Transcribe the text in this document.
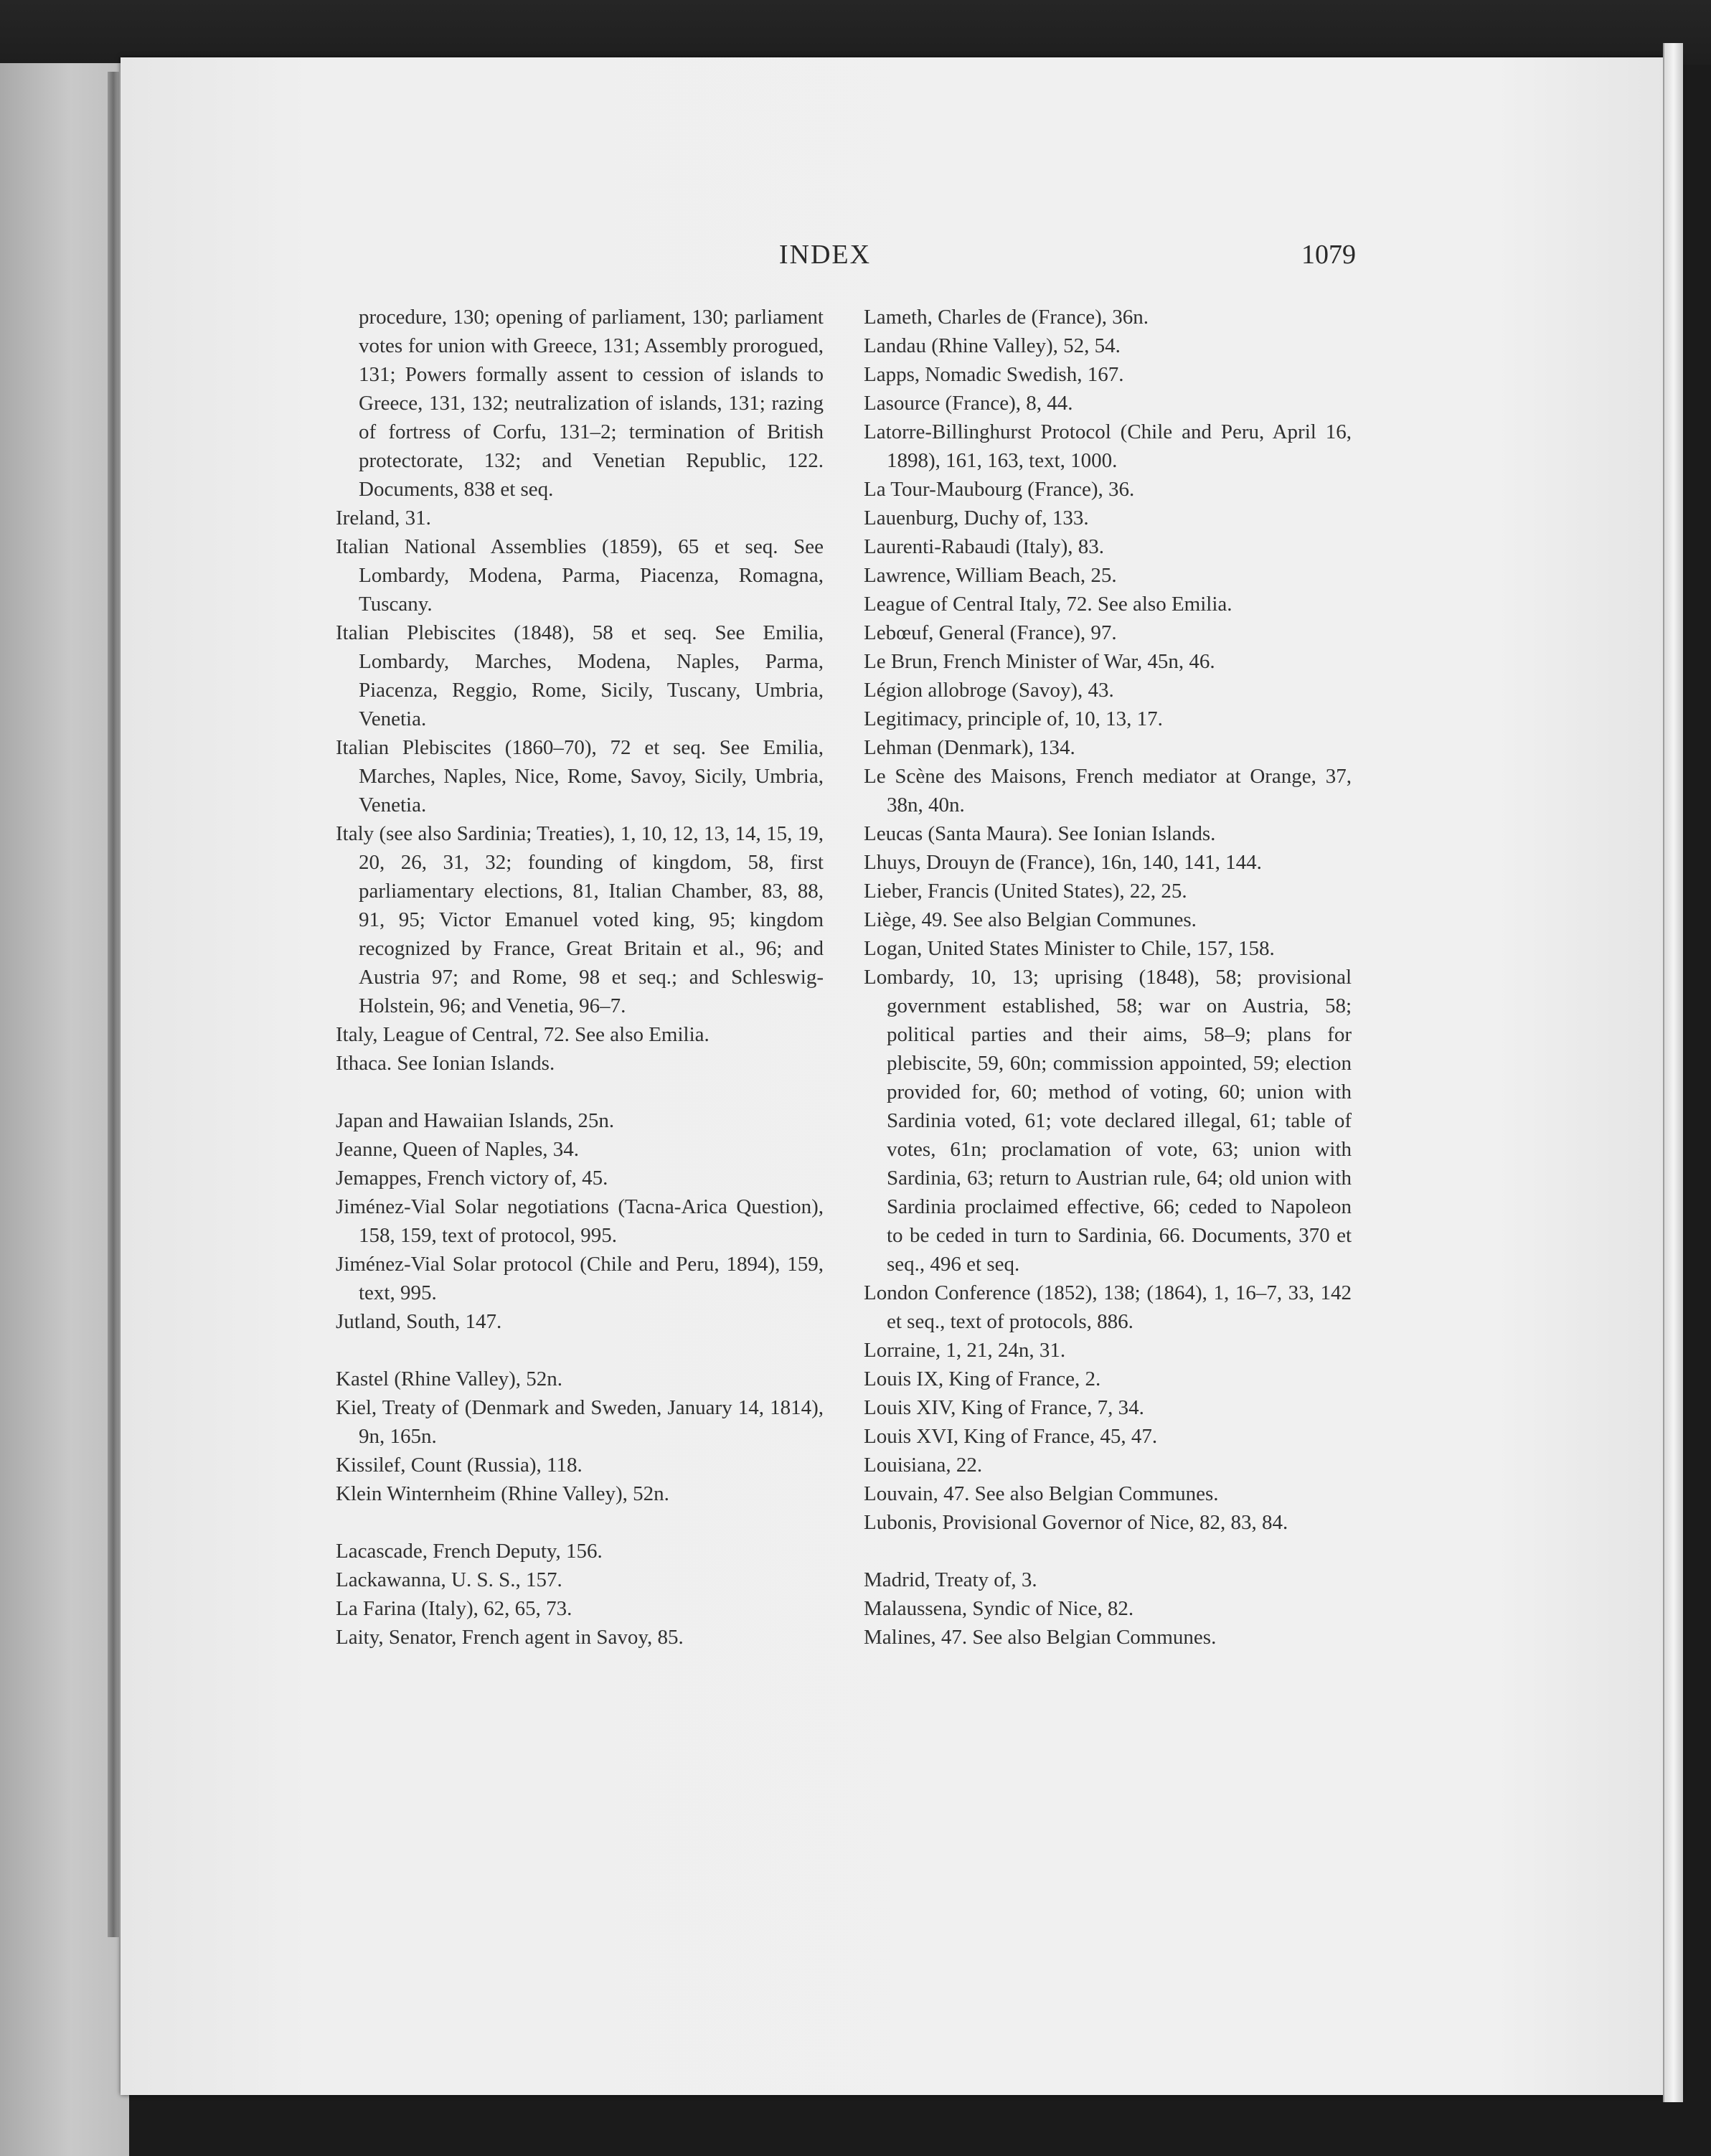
INDEX	1079

procedure, 130; opening of parliament, 130; parliament votes for union with Greece, 131; Assembly prorogued, 131; Powers formally assent to cession of islands to Greece, 131, 132; neutralization of islands, 131; razing of fortress of Corfu, 131–2; termination of British protectorate, 132; and Venetian Republic, 122. Documents, 838 et seq.

Ireland, 31.

Italian National Assemblies (1859), 65 et seq. See Lombardy, Modena, Parma, Piacenza, Romagna, Tuscany.

Italian Plebiscites (1848), 58 et seq. See Emilia, Lombardy, Marches, Modena, Naples, Parma, Piacenza, Reggio, Rome, Sicily, Tuscany, Umbria, Venetia.

Italian Plebiscites (1860–70), 72 et seq. See Emilia, Marches, Naples, Nice, Rome, Savoy, Sicily, Umbria, Venetia.

Italy (see also Sardinia; Treaties), 1, 10, 12, 13, 14, 15, 19, 20, 26, 31, 32; founding of kingdom, 58, first parliamentary elections, 81, Italian Chamber, 83, 88, 91, 95; Victor Emanuel voted king, 95; kingdom recognized by France, Great Britain et al., 96; and Austria 97; and Rome, 98 et seq.; and Schleswig-Holstein, 96; and Venetia, 96–7.

Italy, League of Central, 72. See also Emilia.

Ithaca. See Ionian Islands.

Japan and Hawaiian Islands, 25n.

Jeanne, Queen of Naples, 34.

Jemappes, French victory of, 45.

Jiménez-Vial Solar negotiations (Tacna-Arica Question), 158, 159, text of protocol, 995.

Jiménez-Vial Solar protocol (Chile and Peru, 1894), 159, text, 995.

Jutland, South, 147.

Kastel (Rhine Valley), 52n.

Kiel, Treaty of (Denmark and Sweden, January 14, 1814), 9n, 165n.

Kissilef, Count (Russia), 118.

Klein Winternheim (Rhine Valley), 52n.

Lacascade, French Deputy, 156.

Lackawanna, U. S. S., 157.

La Farina (Italy), 62, 65, 73.

Laity, Senator, French agent in Savoy, 85.

Lameth, Charles de (France), 36n.

Landau (Rhine Valley), 52, 54.

Lapps, Nomadic Swedish, 167.

Lasource (France), 8, 44.

Latorre-Billinghurst Protocol (Chile and Peru, April 16, 1898), 161, 163, text, 1000.

La Tour-Maubourg (France), 36.

Lauenburg, Duchy of, 133.

Laurenti-Rabaudi (Italy), 83.

Lawrence, William Beach, 25.

League of Central Italy, 72. See also Emilia.

Lebœuf, General (France), 97.

Le Brun, French Minister of War, 45n, 46.

Légion allobroge (Savoy), 43.

Legitimacy, principle of, 10, 13, 17.

Lehman (Denmark), 134.

Le Scène des Maisons, French mediator at Orange, 37, 38n, 40n.

Leucas (Santa Maura). See Ionian Islands.

Lhuys, Drouyn de (France), 16n, 140, 141, 144.

Lieber, Francis (United States), 22, 25.

Liège, 49. See also Belgian Communes.

Logan, United States Minister to Chile, 157, 158.

Lombardy, 10, 13; uprising (1848), 58; provisional government established, 58; war on Austria, 58; political parties and their aims, 58–9; plans for plebiscite, 59, 60n; commission appointed, 59; election provided for, 60; method of voting, 60; union with Sardinia voted, 61; vote declared illegal, 61; table of votes, 61n; proclamation of vote, 63; union with Sardinia, 63; return to Austrian rule, 64; old union with Sardinia proclaimed effective, 66; ceded to Napoleon to be ceded in turn to Sardinia, 66. Documents, 370 et seq., 496 et seq.

London Conference (1852), 138; (1864), 1, 16–7, 33, 142 et seq., text of protocols, 886.

Lorraine, 1, 21, 24n, 31.

Louis IX, King of France, 2.

Louis XIV, King of France, 7, 34.

Louis XVI, King of France, 45, 47.

Louisiana, 22.

Louvain, 47. See also Belgian Communes.

Lubonis, Provisional Governor of Nice, 82, 83, 84.

Madrid, Treaty of, 3.

Malaussena, Syndic of Nice, 82.

Malines, 47. See also Belgian Communes.
